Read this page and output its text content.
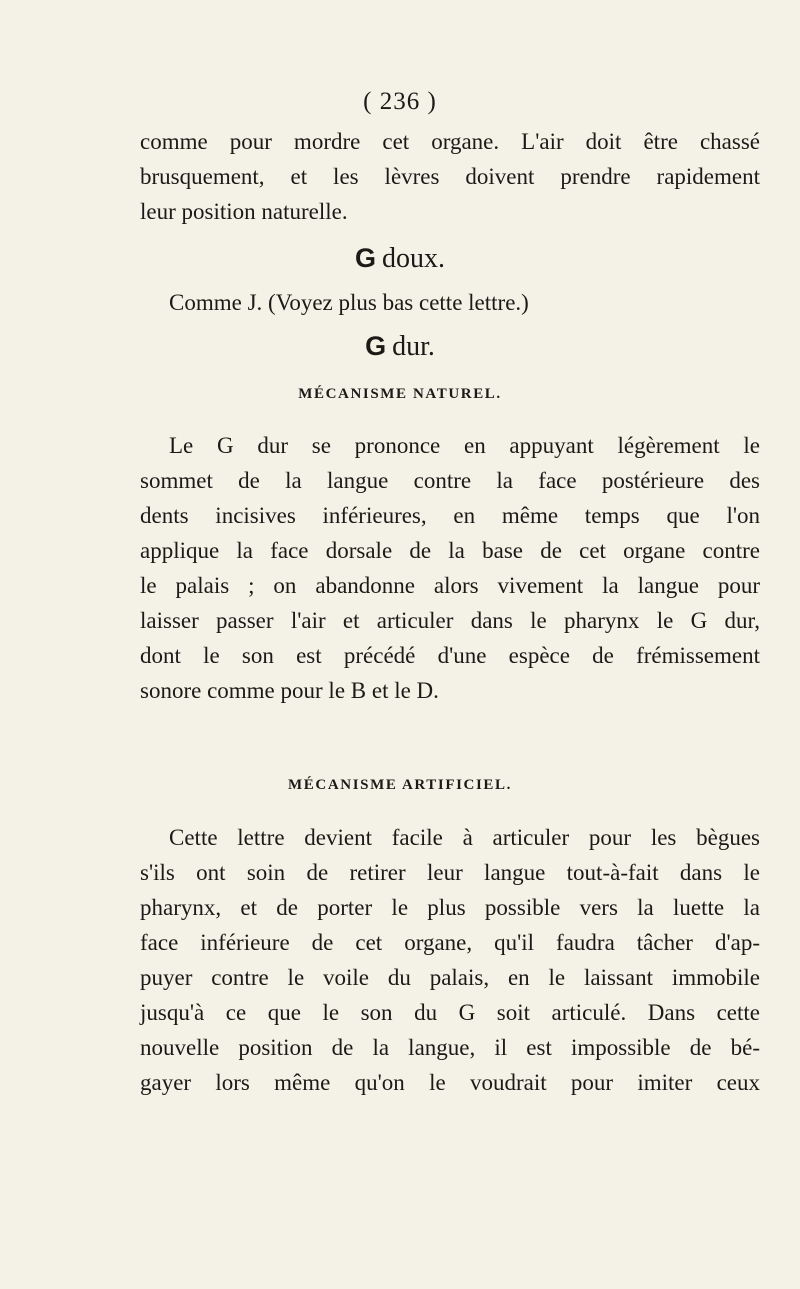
( 236 )
comme pour mordre cet organe. L'air doit être chassé
brusquement, et les lèvres doivent prendre rapidement
leur position naturelle.
G doux.
Comme J. (Voyez plus bas cette lettre.)
G dur.
MÉCANISME NATUREL.
Le G dur se prononce en appuyant légèrement le
sommet de la langue contre la face postérieure des
dents incisives inférieures, en même temps que l'on
applique la face dorsale de la base de cet organe contre
le palais ; on abandonne alors vivement la langue pour
laisser passer l'air et articuler dans le pharynx le G dur,
dont le son est précédé d'une espèce de frémissement
sonore comme pour le B et le D.
MÉCANISME ARTIFICIEL.
Cette lettre devient facile à articuler pour les bègues
s'ils ont soin de retirer leur langue tout-à-fait dans le
pharynx, et de porter le plus possible vers la luette la
face inférieure de cet organe, qu'il faudra tâcher d'ap-
puyer contre le voile du palais, en le laissant immobile
jusqu'à ce que le son du G soit articulé. Dans cette
nouvelle position de la langue, il est impossible de bé-
gayer lors même qu'on le voudrait pour imiter ceux
